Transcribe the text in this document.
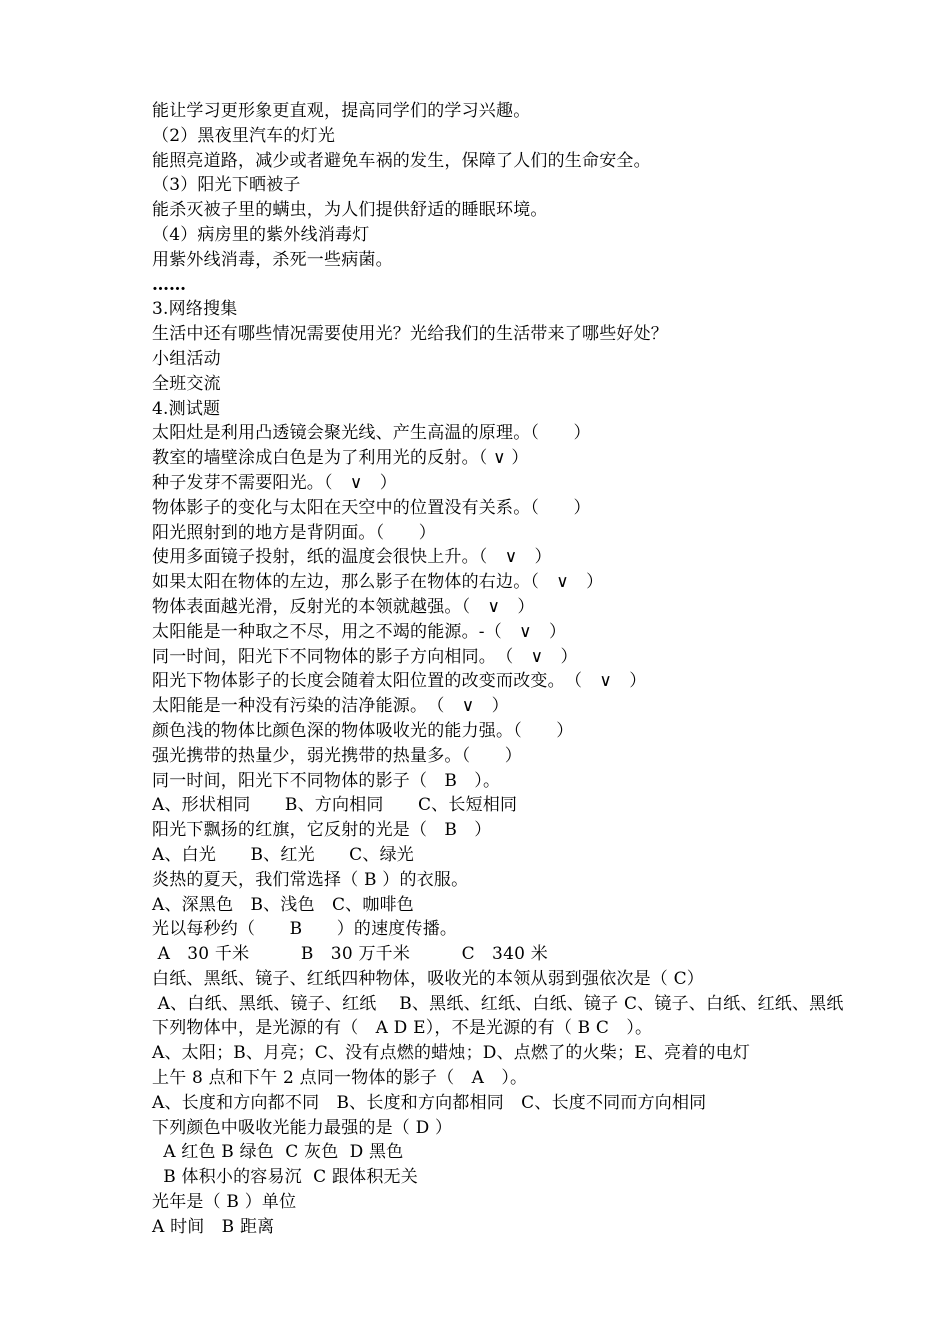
能让学习更形象更直观，提高同学们的学习兴趣。
（2）黑夜里汽车的灯光
能照亮道路，减少或者避免车祸的发生，保障了人们的生命安全。
（3）阳光下晒被子
能杀灭被子里的螨虫，为人们提供舒适的睡眠环境。
（4）病房里的紫外线消毒灯
用紫外线消毒，杀死一些病菌。
……
3.网络搜集
生活中还有哪些情况需要使用光？光给我们的生活带来了哪些好处？
小组活动
全班交流
4.测试题
太阳灶是利用凸透镜会聚光线、产生高温的原理。（　　）
教室的墙壁涂成白色是为了利用光的反射。（ ∨ ）
种子发芽不需要阳光。（　∨　）
物体影子的变化与太阳在天空中的位置没有关系。（　　）
阳光照射到的地方是背阴面。（　　）
使用多面镜子投射，纸的温度会很快上升。（　∨　）
如果太阳在物体的左边，那么影子在物体的右边。（　∨　）
物体表面越光滑，反射光的本领就越强。（　∨　）
太阳能是一种取之不尽，用之不竭的能源。-（　∨　）
同一时间，阳光下不同物体的影子方向相同。　（　∨　）
阳光下物体影子的长度会随着太阳位置的改变而改变。　（　∨　）
太阳能是一种没有污染的洁净能源。　（　∨　）
颜色浅的物体比颜色深的物体吸收光的能力强。（　　）
强光携带的热量少，弱光携带的热量多。（　　）
同一时间，阳光下不同物体的影子（　B　）。
A、形状相同　　B、方向相同　　C、长短相同
阳光下飘扬的红旗，它反射的光是（　B　）
A、白光　　B、红光　　C、绿光
炎热的夏天，我们常选择（ B ）的衣服。
A、深黑色　B、浅色　C、咖啡色
光以每秒约（　　B　　）的速度传播。
A　30 千米　　　B　30 万千米　　　C　340 米
白纸、黑纸、镜子、红纸四种物体，吸收光的本领从弱到强依次是（ C）
A、白纸、黑纸、镜子、红纸　 B、黑纸、红纸、白纸、镜子 C、镜子、白纸、红纸、黑纸
下列物体中，是光源的有（　A D E），不是光源的有（ B C　）。
A、太阳；B、月亮；C、没有点燃的蜡烛；D、点燃了的火柴；E、亮着的电灯
上午 8 点和下午 2 点同一物体的影子（　A　）。
A、长度和方向都不同　B、长度和方向都相同　C、长度不同而方向相同
下列颜色中吸收光能力最强的是（ D ）
A 红色 B 绿色  C 灰色  D 黑色
B 体积小的容易沉  C 跟体积无关
光年是（ B ）单位
A 时间　B 距离
